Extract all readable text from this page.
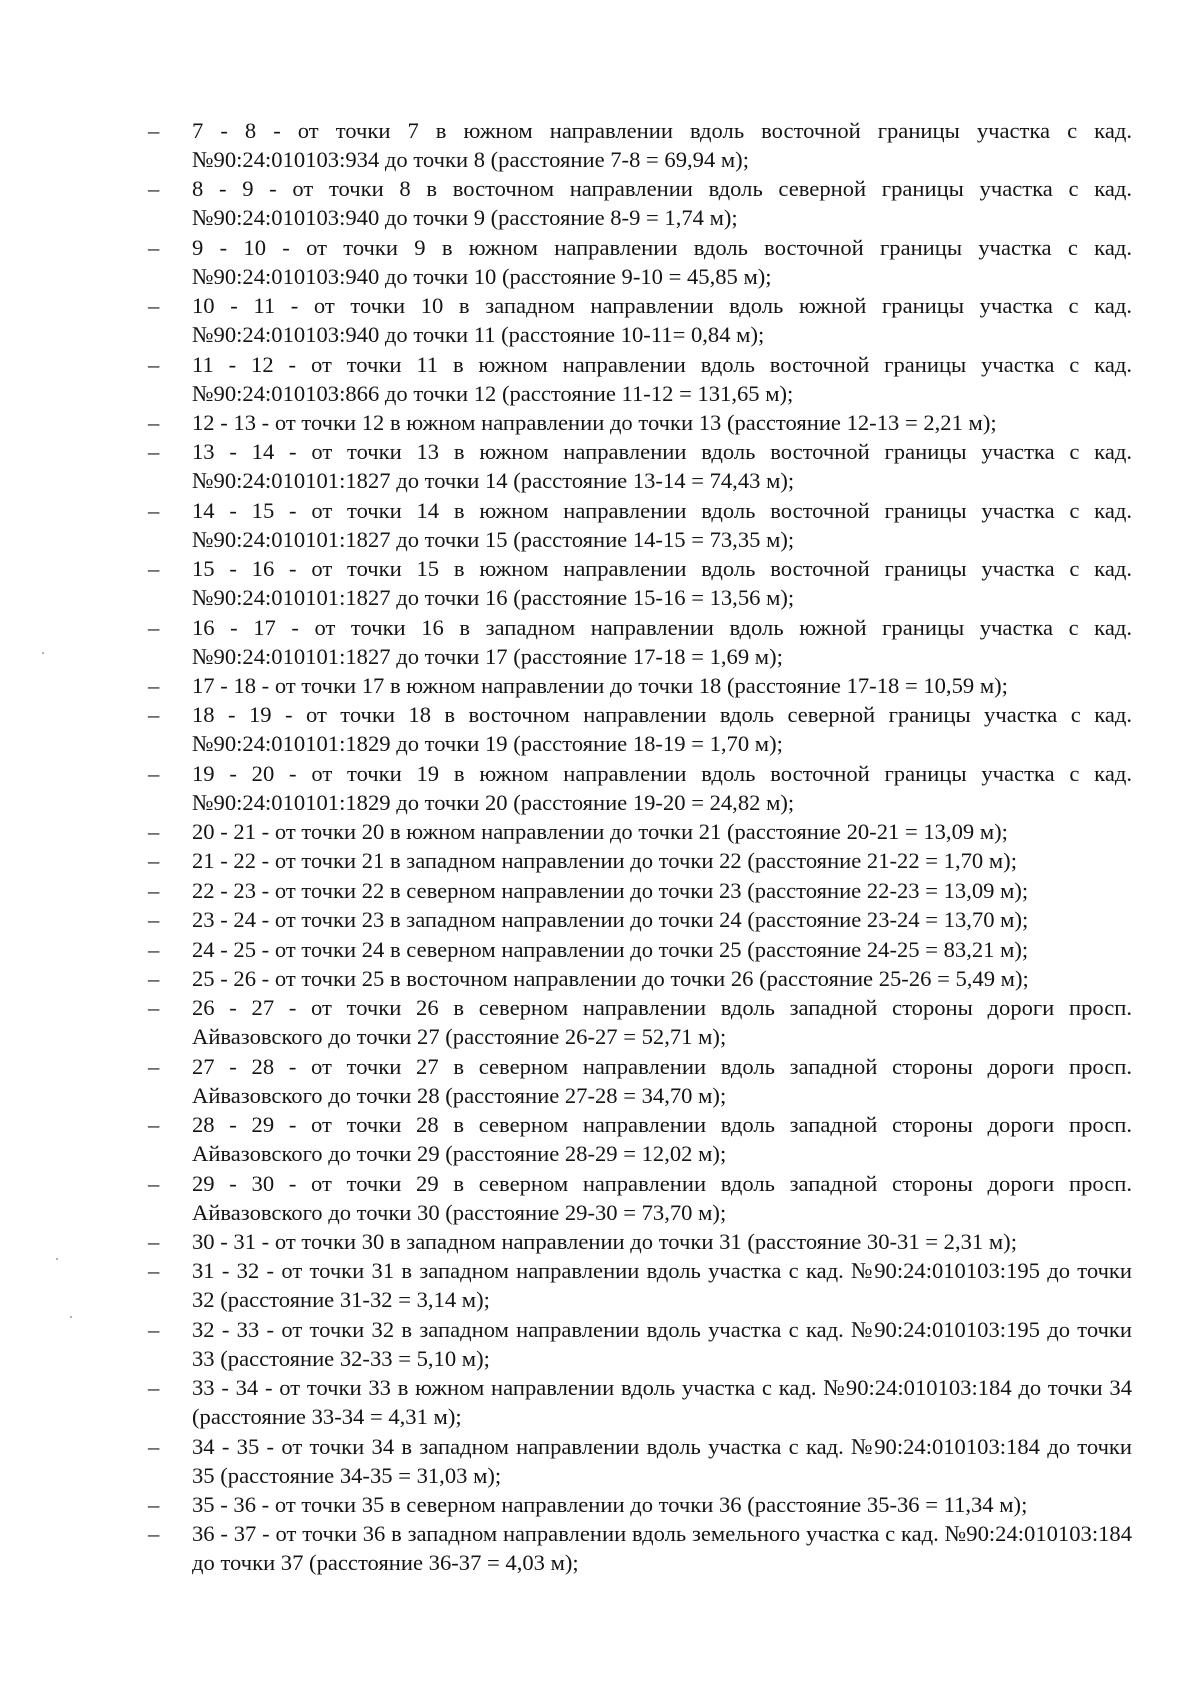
–
7 - 8 - от точки 7 в южном направлении вдоль восточной границы участка с кад. №90:24:010103:934 до точки 8 (расстояние 7-8 = 69,94 м);
–
8 - 9 - от точки 8 в восточном направлении вдоль северной границы участка с кад. №90:24:010103:940 до точки 9 (расстояние 8-9 = 1,74 м);
–
9 - 10 - от точки 9 в южном направлении вдоль восточной границы участка с кад. №90:24:010103:940 до точки 10 (расстояние 9-10 = 45,85 м);
–
10 - 11 - от точки 10 в западном направлении вдоль южной границы участка с кад. №90:24:010103:940 до точки 11 (расстояние 10-11= 0,84 м);
–
11 - 12 - от точки 11 в южном направлении вдоль восточной границы участка с кад. №90:24:010103:866 до точки 12 (расстояние 11-12 = 131,65 м);
–
12 - 13 - от точки 12 в южном направлении до точки 13 (расстояние 12-13 = 2,21 м);
–
13 - 14 - от точки 13 в южном направлении вдоль восточной границы участка с кад. №90:24:010101:1827 до точки 14 (расстояние 13-14 = 74,43 м);
–
14 - 15 - от точки 14 в южном направлении вдоль восточной границы участка с кад. №90:24:010101:1827 до точки 15 (расстояние 14-15 = 73,35 м);
–
15 - 16 - от точки 15 в южном направлении вдоль восточной границы участка с кад. №90:24:010101:1827 до точки 16 (расстояние 15-16 = 13,56 м);
–
16 - 17 - от точки 16 в западном направлении вдоль южной границы участка с кад. №90:24:010101:1827 до точки 17 (расстояние 17-18 = 1,69 м);
–
17 - 18 - от точки 17 в южном направлении до точки 18 (расстояние 17-18 = 10,59 м);
–
18 - 19 - от точки 18 в восточном направлении вдоль северной границы участка с кад. №90:24:010101:1829 до точки 19 (расстояние 18-19 = 1,70 м);
–
19 - 20 - от точки 19 в южном направлении вдоль восточной границы участка с кад. №90:24:010101:1829 до точки 20 (расстояние 19-20 = 24,82 м);
–
20 - 21 - от точки 20 в южном направлении до точки 21 (расстояние 20-21 = 13,09 м);
–
21 - 22 - от точки 21 в западном направлении до точки 22 (расстояние 21-22 = 1,70 м);
–
22 - 23 - от точки 22 в северном направлении до точки 23 (расстояние 22-23 = 13,09 м);
–
23 - 24 - от точки 23 в западном направлении до точки 24 (расстояние 23-24 = 13,70 м);
–
24 - 25 - от точки 24 в северном направлении до точки 25 (расстояние 24-25 = 83,21 м);
–
25 - 26 - от точки 25 в восточном направлении до точки 26 (расстояние 25-26 = 5,49 м);
–
26 - 27 - от точки 26 в северном направлении вдоль западной стороны дороги просп. Айвазовского до точки 27 (расстояние 26-27 = 52,71 м);
–
27 - 28 - от точки 27 в северном направлении вдоль западной стороны дороги просп. Айвазовского до точки 28 (расстояние 27-28 = 34,70 м);
–
28 - 29 - от точки 28 в северном направлении вдоль западной стороны дороги просп. Айвазовского до точки 29 (расстояние 28-29 = 12,02 м);
–
29 - 30 - от точки 29 в северном направлении вдоль западной стороны дороги просп. Айвазовского до точки 30 (расстояние 29-30 = 73,70 м);
–
30 - 31 - от точки 30 в западном направлении до точки 31 (расстояние 30-31 = 2,31 м);
–
31 - 32 - от точки 31 в западном направлении вдоль участка с кад. №90:24:010103:195 до точки 32 (расстояние 31-32 = 3,14 м);
–
32 - 33 - от точки 32 в западном направлении вдоль участка с кад. №90:24:010103:195 до точки 33 (расстояние 32-33 = 5,10 м);
–
33 - 34 - от точки 33 в южном направлении вдоль участка с кад. №90:24:010103:184 до точки 34 (расстояние 33-34 = 4,31 м);
–
34 - 35 - от точки 34 в западном направлении вдоль участка с кад. №90:24:010103:184 до точки 35 (расстояние 34-35 = 31,03 м);
–
35 - 36 - от точки 35 в северном направлении до точки 36 (расстояние 35-36 = 11,34 м);
–
36 - 37 - от точки 36 в западном направлении вдоль земельного участка с кад. №90:24:010103:184 до точки 37 (расстояние 36-37 = 4,03 м);
